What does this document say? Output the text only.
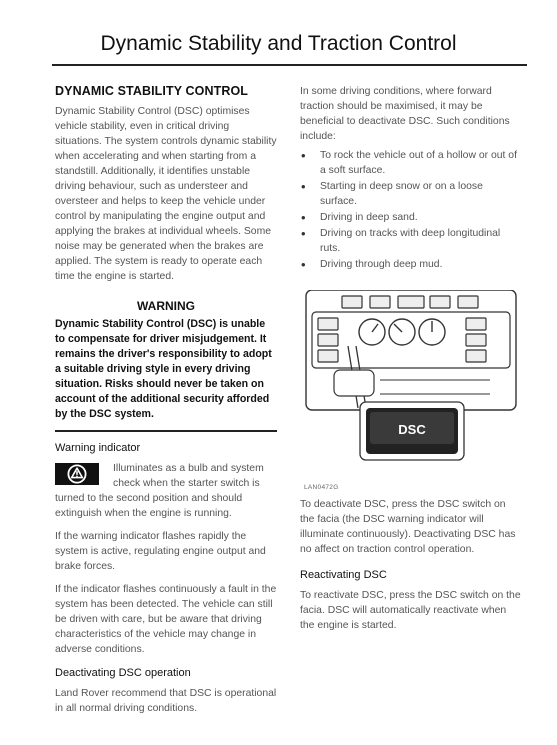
Dynamic Stability and Traction Control
DYNAMIC STABILITY CONTROL

Dynamic Stability Control (DSC) optimises vehicle stability, even in critical driving situations. The system controls dynamic stability when accelerating and when starting from a standstill. Additionally, it identifies unstable driving behaviour, such as understeer and oversteer and helps to keep the vehicle under control by manipulating the engine output and applying the brakes at individual wheels. Some noise may be generated when the brakes are applied. The system is ready to operate each time the engine is started.

WARNING

Dynamic Stability Control (DSC) is unable to compensate for driver misjudgement. It remains the driver's responsibility to adopt a suitable driving style in every driving situation. Risks should never be taken on account of the additional security afforded by the DSC system.

Warning indicator

Illuminates as a bulb and system check when the starter switch is turned to the second position and should extinguish when the engine is running.

If the warning indicator flashes rapidly the system is active, regulating engine output and brake forces.

If the indicator flashes continuously a fault in the system has been detected. The vehicle can still be driven with care, but be aware that driving characteristics of the vehicle may change in adverse conditions.

Deactivating DSC operation

Land Rover recommend that DSC is operational in all normal driving conditions.

In some driving conditions, where forward traction should be maximised, it may be beneficial to deactivate DSC. Such conditions include:

• To rock the vehicle out of a hollow or out of a soft surface.
• Starting in deep snow or on a loose surface.
• Driving in deep sand.
• Driving on tracks with deep longitudinal ruts.
• Driving through deep mud.
DSC
LAN0472G

To deactivate DSC, press the DSC switch on the facia (the DSC warning indicator will illuminate continuously). Deactivating DSC has no affect on traction control operation.

Reactivating DSC

To reactivate DSC, press the DSC switch on the facia. DSC will automatically reactivate when the engine is started.
